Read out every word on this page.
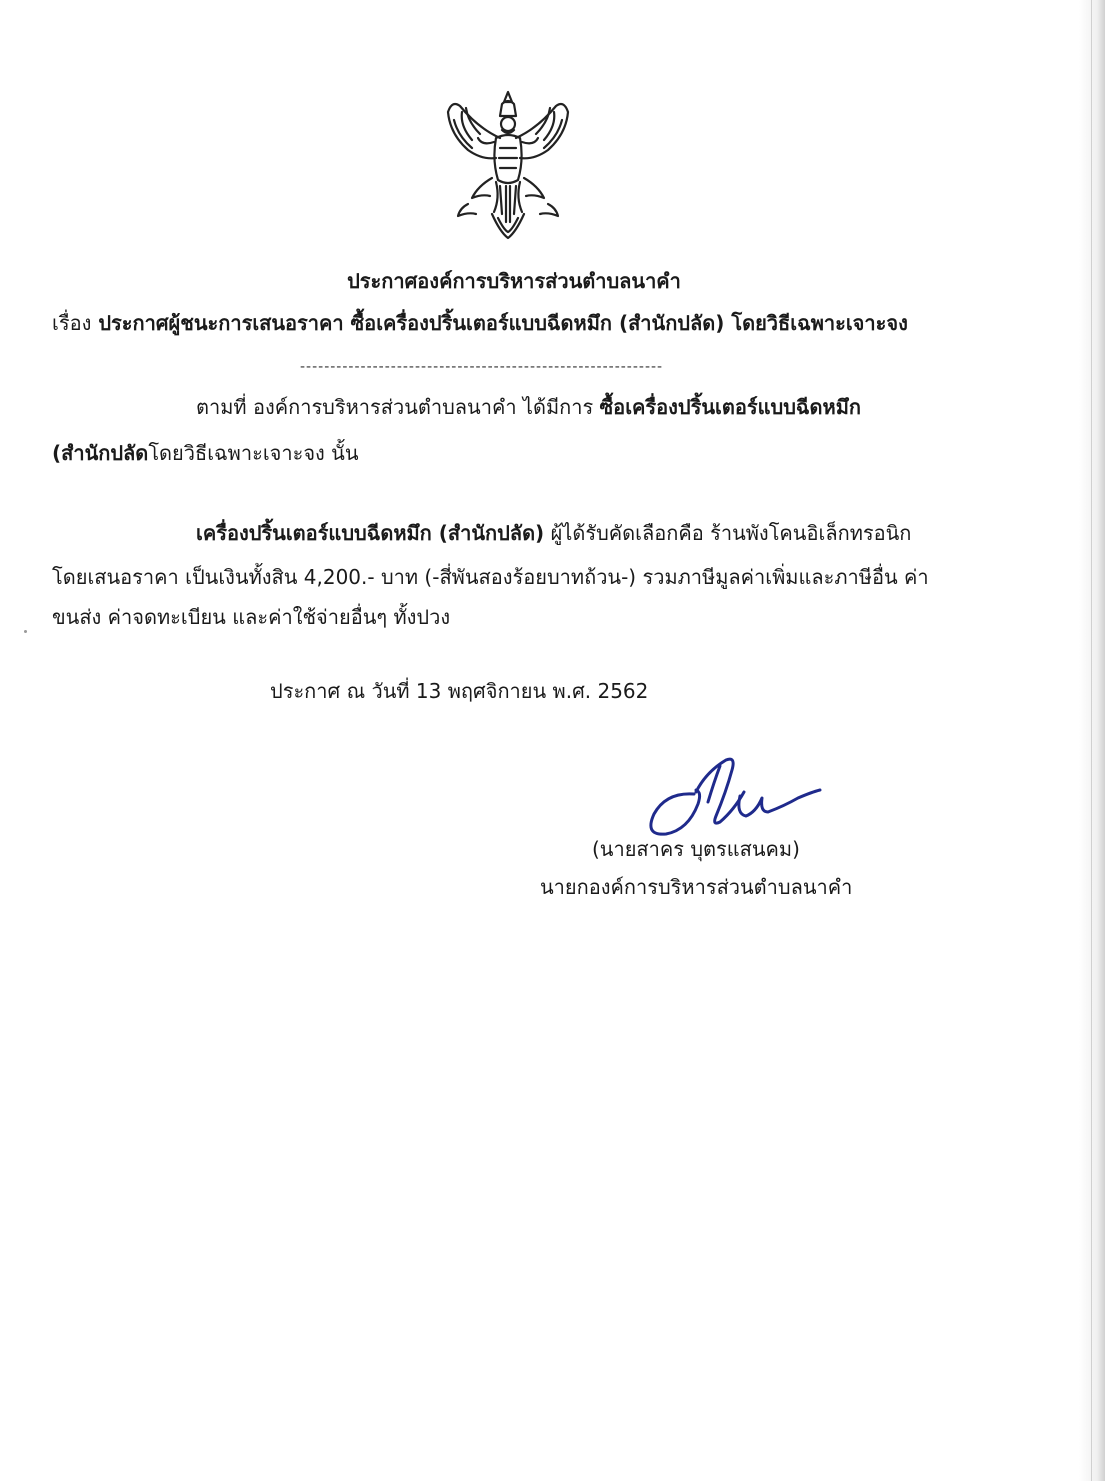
ประกาศองค์การบริหารส่วนตำบลนาคำ
เรื่อง ประกาศผู้ชนะการเสนอราคา ซื้อเครื่องปริ้นเตอร์แบบฉีดหมึก (สำนักปลัด) โดยวิธีเฉพาะเจาะจง
------------------------------------------------------------
ตามที่ องค์การบริหารส่วนตำบลนาคำ ได้มีการ ซื้อเครื่องปริ้นเตอร์แบบฉีดหมึก
(สำนักปลัดโดยวิธีเฉพาะเจาะจง นั้น
เครื่องปริ้นเตอร์แบบฉีดหมึก (สำนักปลัด) ผู้ได้รับคัดเลือกคือ ร้านพังโคนอิเล็กทรอนิก
โดยเสนอราคา เป็นเงินทั้งสิน 4,200.- บาท (-สี่พันสองร้อยบาทถ้วน-) รวมภาษีมูลค่าเพิ่มและภาษีอื่น ค่า
ขนส่ง ค่าจดทะเบียน และค่าใช้จ่ายอื่นๆ ทั้งปวง
ประกาศ ณ วันที่ 13 พฤศจิกายน พ.ศ. 2562
(นายสาคร บุตรแสนคม)
นายกองค์การบริหารส่วนตำบลนาคำ
